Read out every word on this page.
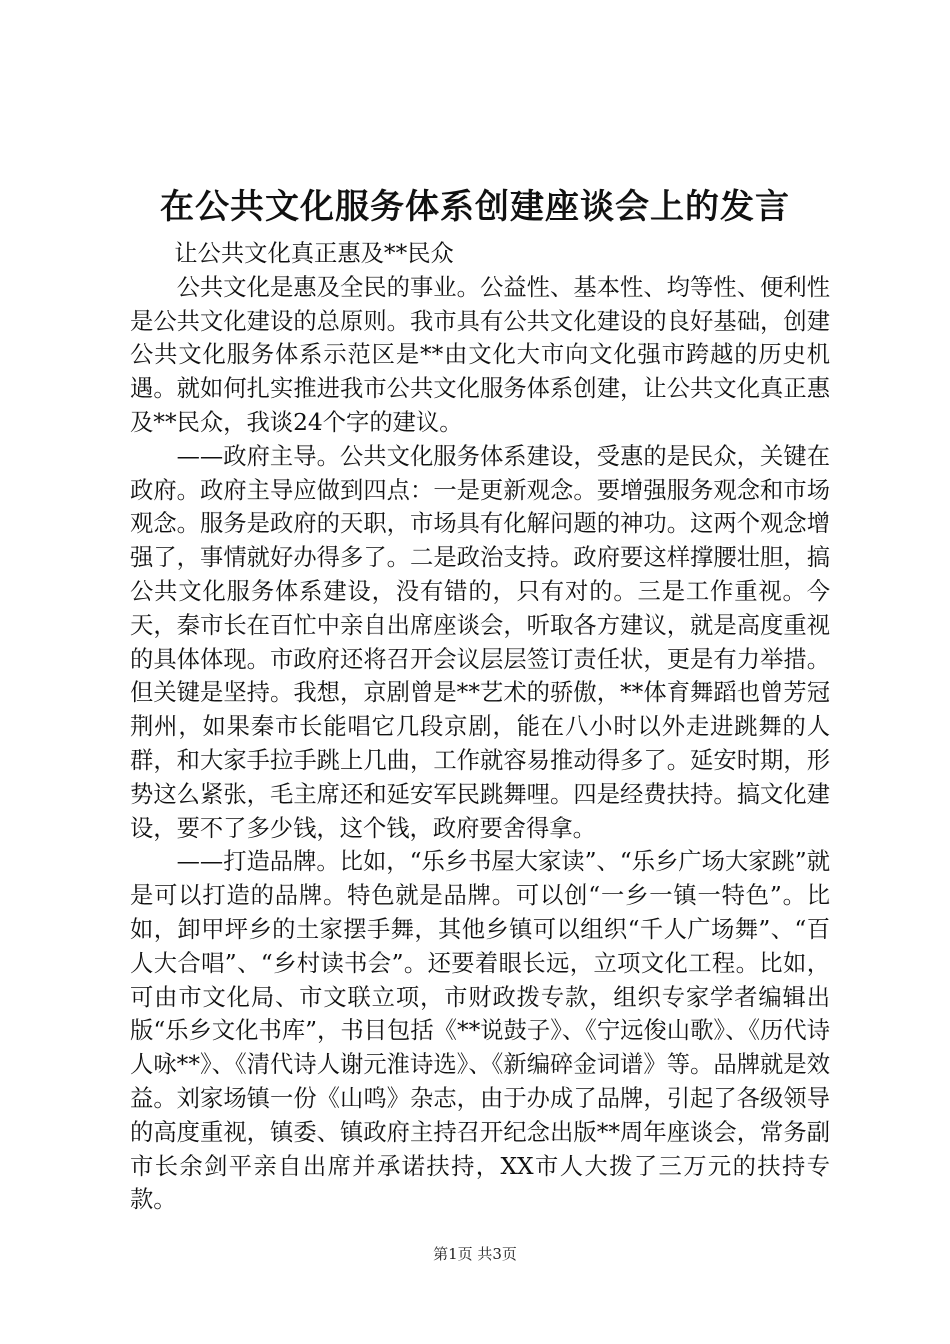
在公共文化服务体系创建座谈会上的发言

让公共文化真正惠及**民众

公共文化是惠及全民的事业。公益性、基本性、均等性、便利性是公共文化建设的总原则。我市具有公共文化建设的良好基础，创建公共文化服务体系示范区是**由文化大市向文化强市跨越的历史机遇。就如何扎实推进我市公共文化服务体系创建，让公共文化真正惠及**民众，我谈24个字的建议。

——政府主导。公共文化服务体系建设，受惠的是民众，关键在政府。政府主导应做到四点：一是更新观念。要增强服务观念和市场观念。服务是政府的天职，市场具有化解问题的神功。这两个观念增强了，事情就好办得多了。二是政治支持。政府要这样撑腰壮胆，搞公共文化服务体系建设，没有错的，只有对的。三是工作重视。今天，秦市长在百忙中亲自出席座谈会，听取各方建议，就是高度重视的具体体现。市政府还将召开会议层层签订责任状，更是有力举措。但关键是坚持。我想，京剧曾是**艺术的骄傲，**体育舞蹈也曾芳冠荆州，如果秦市长能唱它几段京剧，能在八小时以外走进跳舞的人群，和大家手拉手跳上几曲，工作就容易推动得多了。延安时期，形势这么紧张，毛主席还和延安军民跳舞哩。四是经费扶持。搞文化建设，要不了多少钱，这个钱，政府要舍得拿。

——打造品牌。比如，“乐乡书屋大家读”、“乐乡广场大家跳”就是可以打造的品牌。特色就是品牌。可以创“一乡一镇一特色”。比如，卸甲坪乡的土家摆手舞，其他乡镇可以组织“千人广场舞”、“百人大合唱”、“乡村读书会”。还要着眼长远，立项文化工程。比如，可由市文化局、市文联立项，市财政拨专款，组织专家学者编辑出版“乐乡文化书库”，书目包括《**说鼓子》、《宁远俊山歌》、《历代诗人咏**》、《清代诗人谢元淮诗选》、《新编碎金词谱》等。品牌就是效益。刘家场镇一份《山鸣》杂志，由于办成了品牌，引起了各级领导的高度重视，镇委、镇政府主持召开纪念出版**周年座谈会，常务副市长余剑平亲自出席并承诺扶持，XX市人大拨了三万元的扶持专款。

第1页 共3页
